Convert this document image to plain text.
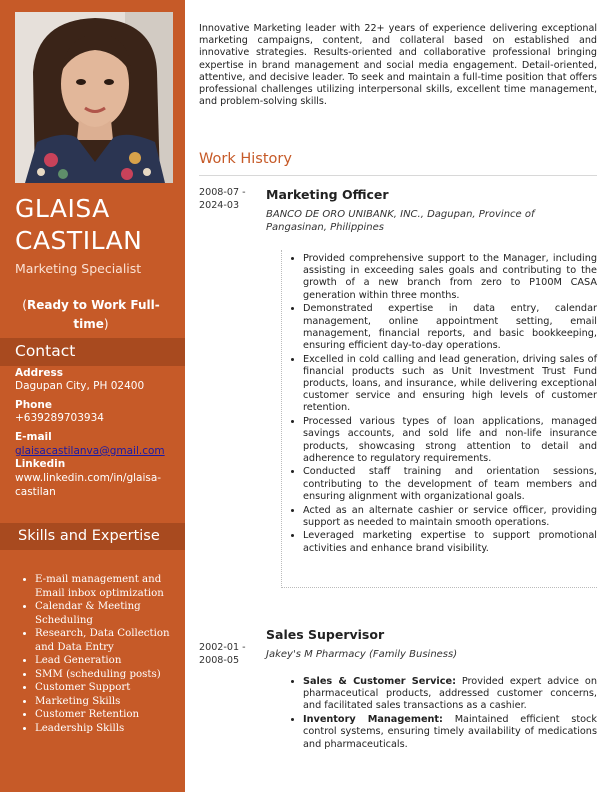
GLAISA
CASTILAN
Marketing Specialist
(Ready to Work Full-time)
Contact
Address
Dagupan City, PH 02400
Phone
+639289703934
E-mail
glaisacastilanva@gmail.com
Linkedin
www.linkedin.com/in/glaisa-castilan
Skills and Expertise
• E-mail management and Email inbox optimization
• Calendar & Meeting Scheduling
• Research, Data Collection and Data Entry
• Lead Generation
• SMM (scheduling posts)
• Customer Support
• Marketing Skills
• Customer Retention
• Leadership Skills

Innovative Marketing leader with 22+ years of experience delivering exceptional marketing campaigns, content, and collateral based on established and innovative strategies. Results-oriented and collaborative professional bringing expertise in brand management and social media engagement. Detail-oriented, attentive, and decisive leader. To seek and maintain a full-time position that offers professional challenges utilizing interpersonal skills, excellent time management, and problem-solving skills.

Work History
2008-07 -
2024-03
Marketing Officer
BANCO DE ORO UNIBANK, INC., Dagupan, Province of Pangasinan, Philippines
• Provided comprehensive support to the Manager, including assisting in exceeding sales goals and contributing to the growth of a new branch from zero to P100M CASA generation within three months.
• Demonstrated expertise in data entry, calendar management, online appointment setting, email management, financial reports, and basic bookkeeping, ensuring efficient day-to-day operations.
• Excelled in cold calling and lead generation, driving sales of financial products such as Unit Investment Trust Fund products, loans, and insurance, while delivering exceptional customer service and ensuring high levels of customer retention.
• Processed various types of loan applications, managed savings accounts, and sold life and non-life insurance products, showcasing strong attention to detail and adherence to regulatory requirements.
• Conducted staff training and orientation sessions, contributing to the development of team members and ensuring alignment with organizational goals.
• Acted as an alternate cashier or service officer, providing support as needed to maintain smooth operations.
• Leveraged marketing expertise to support promotional activities and enhance brand visibility.
2002-01 -
2008-05
Sales Supervisor
Jakey's M Pharmacy (Family Business)
• Sales & Customer Service: Provided expert advice on pharmaceutical products, addressed customer concerns, and facilitated sales transactions as a cashier.
• Inventory Management: Maintained efficient stock control systems, ensuring timely availability of medications and pharmaceuticals.
